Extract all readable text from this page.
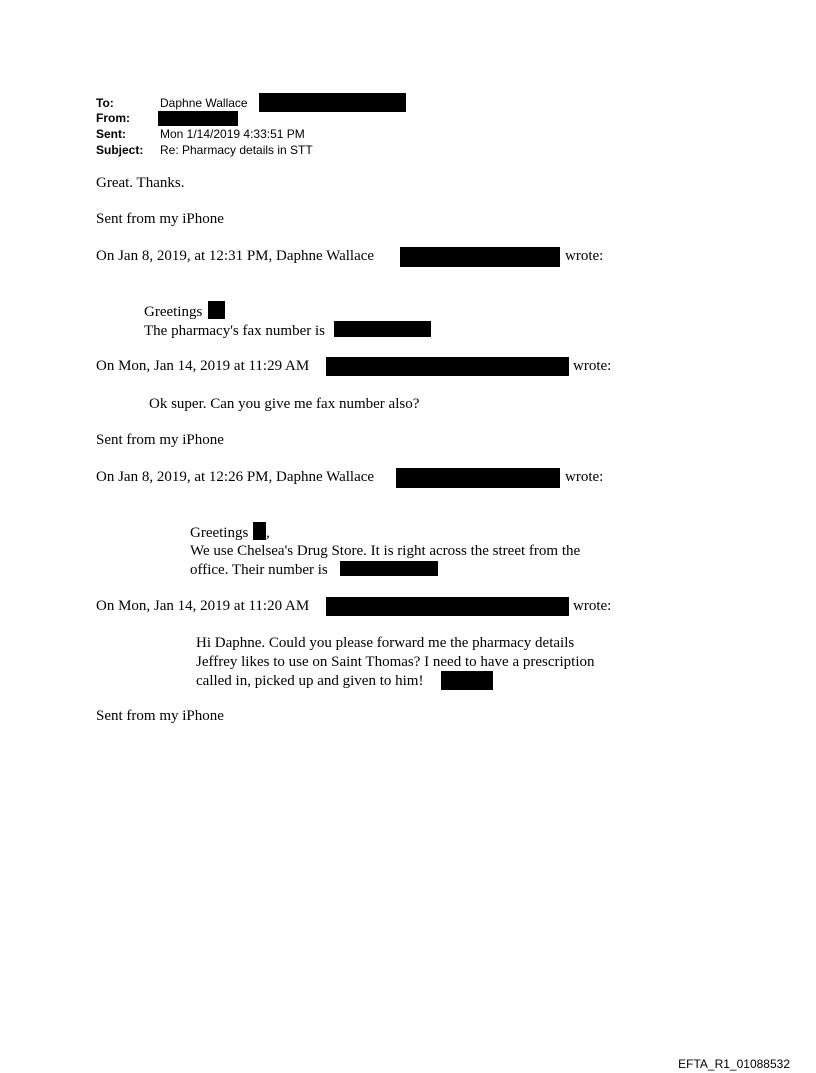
To:	Daphne Wallace
From:
Sent:	Mon 1/14/2019 4:33:51 PM
Subject: Re: Pharmacy details in STT
Great. Thanks.
Sent from my iPhone
On Jan 8, 2019, at 12:31 PM, Daphne Wallace	wrote:
Greetings
The pharmacy's fax number is
On Mon, Jan 14, 2019 at 11:29 AM	wrote:
Ok super. Can you give me fax number also?
Sent from my iPhone
On Jan 8, 2019, at 12:26 PM, Daphne Wallace	wrote:
Greetings ,
We use Chelsea's Drug Store. It is right across the street from the
office. Their number is
On Mon, Jan 14, 2019 at 11:20 AM	wrote:
Hi Daphne. Could you please forward me the pharmacy details
Jeffrey likes to use on Saint Thomas? I need to have a prescription
called in, picked up and given to him!
Sent from my iPhone
EFTA_R1_01088532
